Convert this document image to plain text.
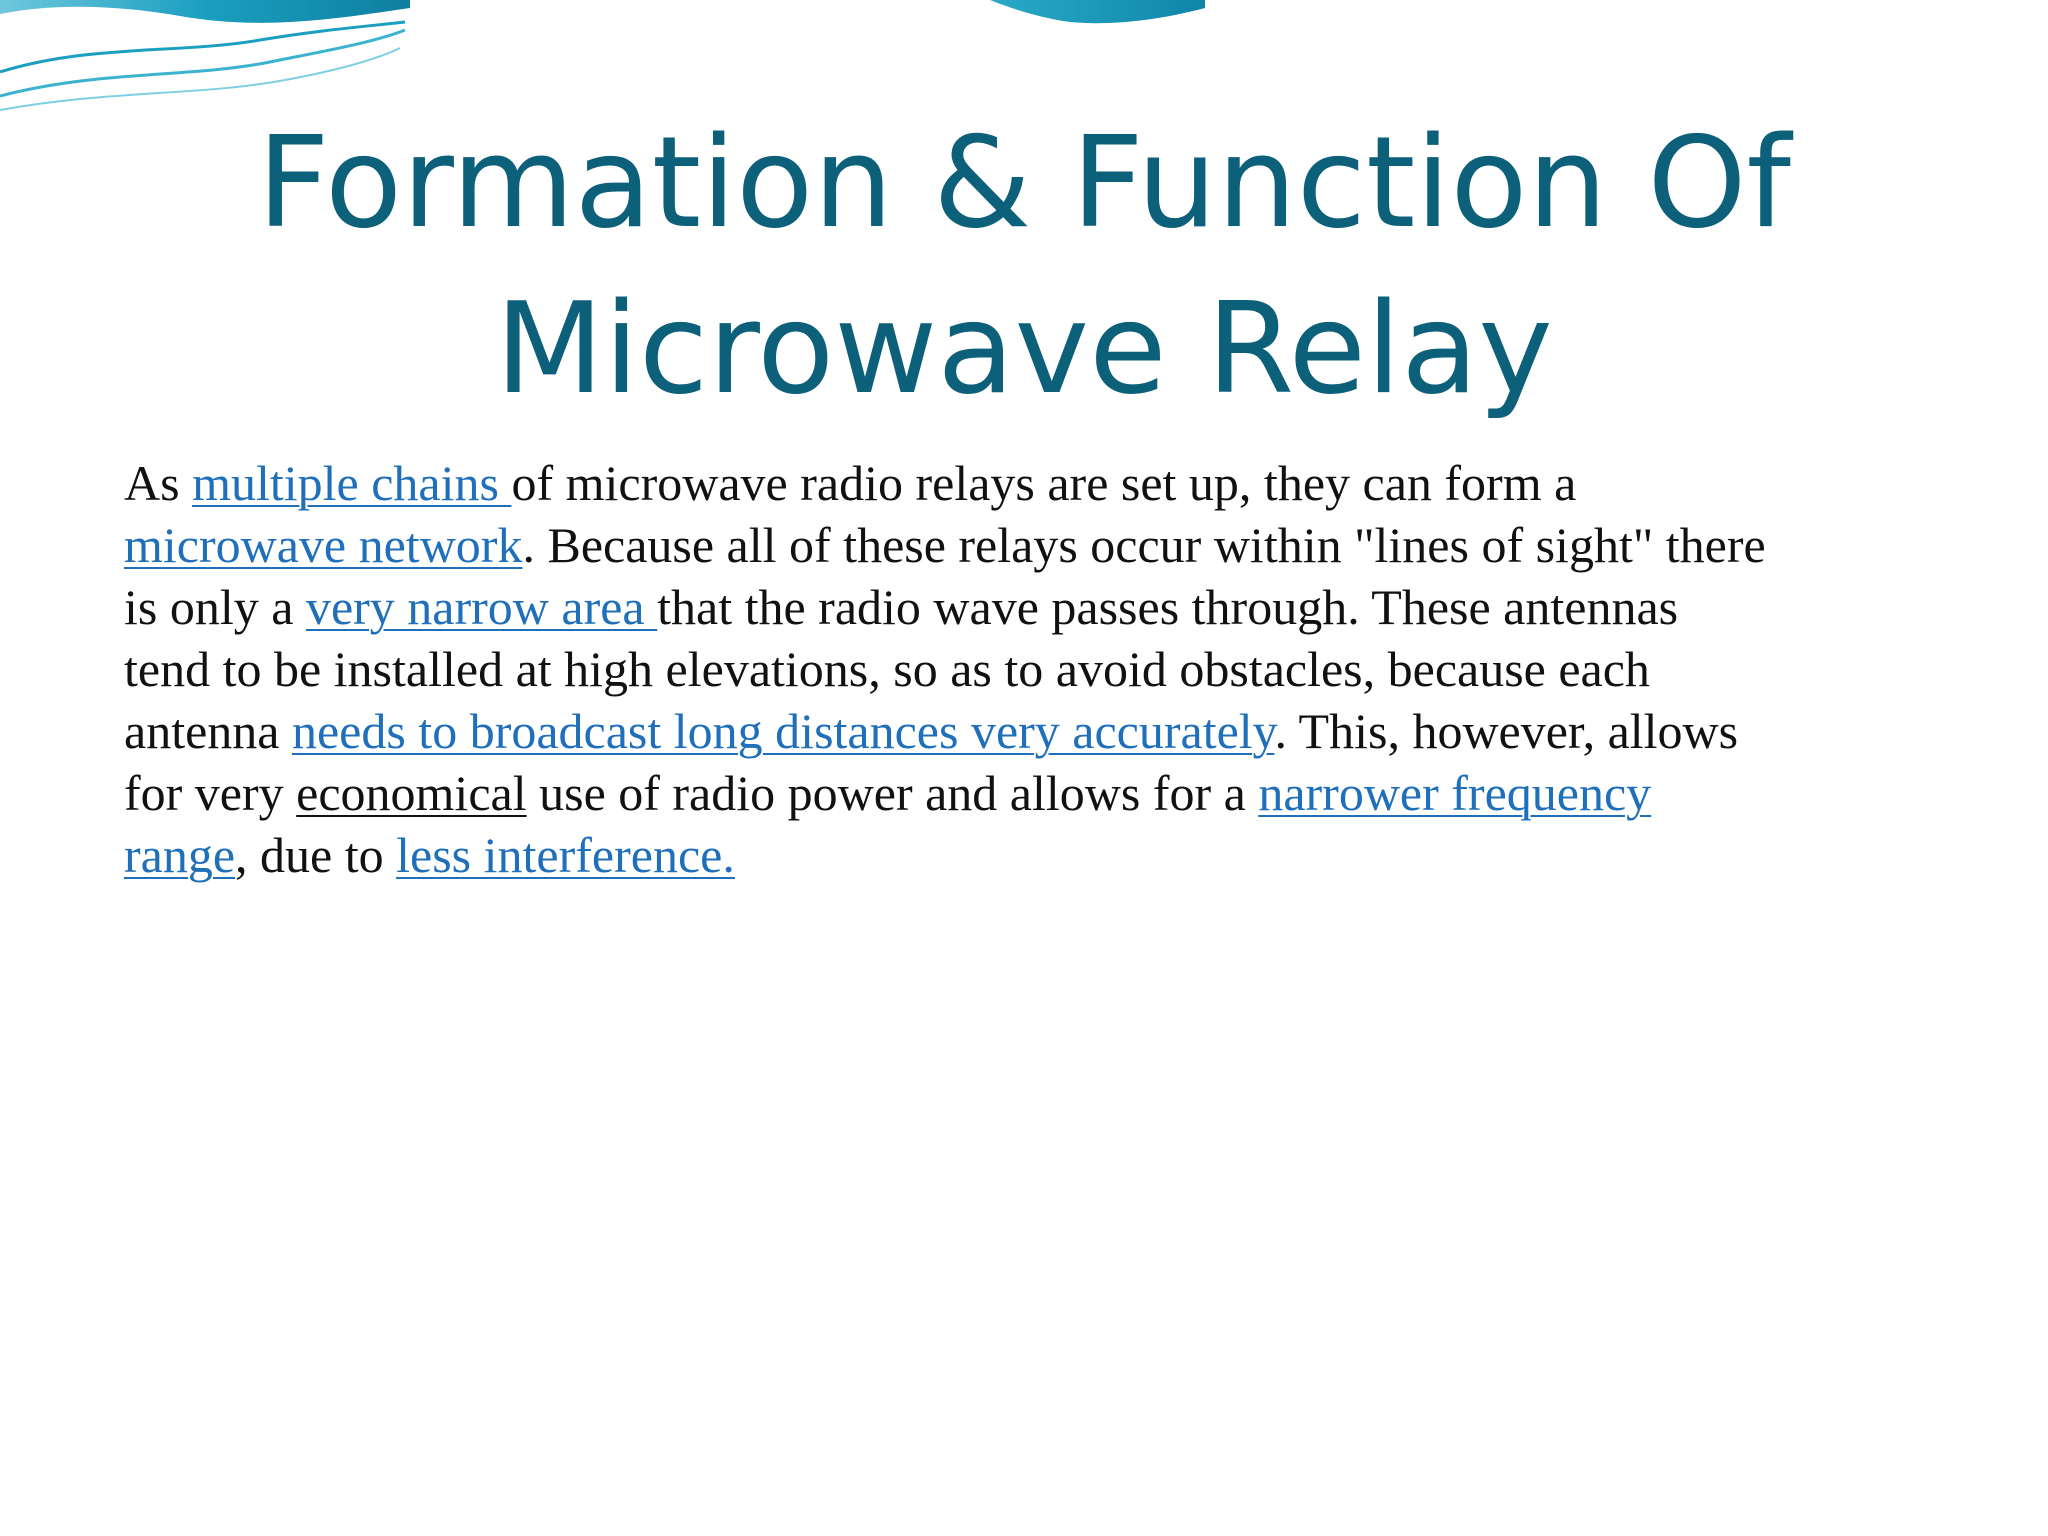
Formation & Function Of
Microwave Relay

As multiple chains of microwave radio relays are set up, they can form a
microwave network. Because all of these relays occur within "lines of sight" there
is only a very narrow area that the radio wave passes through. These antennas
tend to be installed at high elevations, so as to avoid obstacles, because each
antenna needs to broadcast long distances very accurately. This, however, allows
for very economical use of radio power and allows for a narrower frequency
range, due to less interference.
